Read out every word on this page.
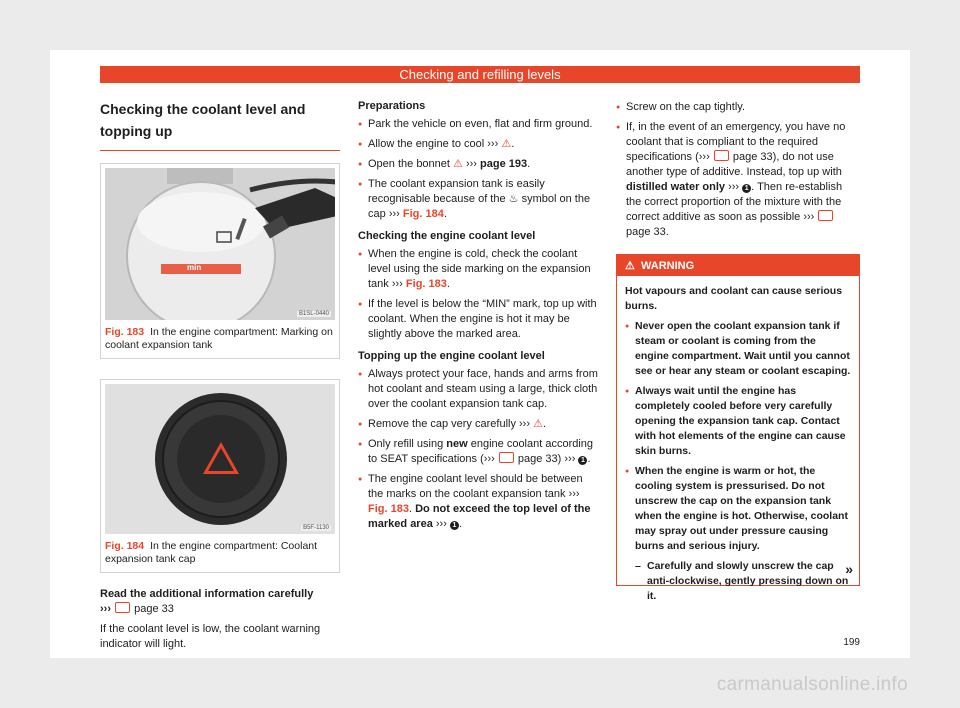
Checking and refilling levels
Checking the coolant level and topping up
min
B1SL-0440
Fig. 183 In the engine compartment: Marking on coolant expansion tank
B5F-1130
Fig. 184 In the engine compartment: Coolant expansion tank cap

Read the additional information carefully
››› page 33

If the coolant level is low, the coolant warning indicator will light.

Preparations

● Park the vehicle on even, flat and firm ground.

● Allow the engine to cool ››› ⚠.

● Open the bonnet ⚠ ››› page 193.

● The coolant expansion tank is easily recognisable because of the ♨ symbol on the cap ››› Fig. 184.

Checking the engine coolant level

● When the engine is cold, check the coolant level using the side marking on the expansion tank ››› Fig. 183.

● If the level is below the “MIN” mark, top up with coolant. When the engine is hot it may be slightly above the marked area.

Topping up the engine coolant level

● Always protect your face, hands and arms from hot coolant and steam using a large, thick cloth over the coolant expansion tank cap.

● Remove the cap very carefully ››› ⚠.

● Only refill using new engine coolant according to SEAT specifications (››› page 33) ››› 1 .

● The engine coolant level should be between the marks on the coolant expansion tank ››› Fig. 183. Do not exceed the top level of the marked area ››› 1 .

● Screw on the cap tightly.

● If, in the event of an emergency, you have no coolant that is compliant to the required specifications (››› page 33), do not use another type of additive. Instead, top up with distilled water only ››› 1 . Then re-establish the correct proportion of the mixture with the correct additive as soon as possible ›››  page 33.

⚠ WARNING

Hot vapours and coolant can cause serious burns.

● Never open the coolant expansion tank if steam or coolant is coming from the engine compartment. Wait until you cannot see or hear any steam or coolant escaping.

● Always wait until the engine has completely cooled before very carefully opening the expansion tank cap. Contact with hot elements of the engine can cause skin burns.

● When the engine is warm or hot, the cooling system is pressurised. Do not unscrew the cap on the expansion tank when the engine is hot. Otherwise, coolant may spray out under pressure causing burns and serious injury.

– Carefully and slowly unscrew the cap anti-clockwise, gently pressing down on it.

»
199
carmanualsonline.info
